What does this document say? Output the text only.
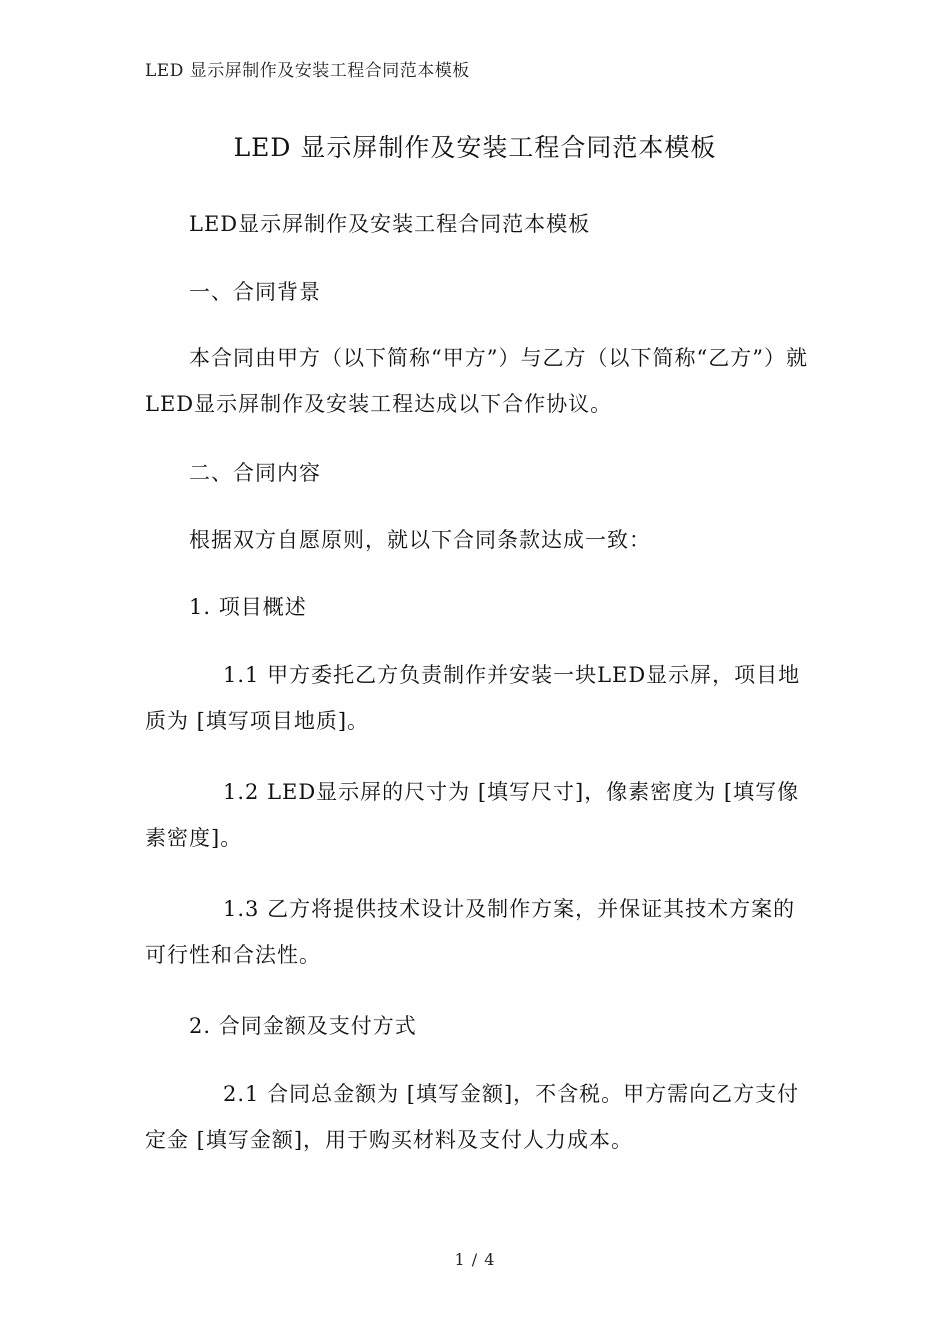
LED 显示屏制作及安装工程合同范本模板
LED 显示屏制作及安装工程合同范本模板

LED显示屏制作及安装工程合同范本模板

一、合同背景

本合同由甲方（以下简称“甲方”）与乙方（以下简称“乙方”）就LED显示屏制作及安装工程达成以下合作协议。

二、合同内容

根据双方自愿原则，就以下合同条款达成一致：

1. 项目概述

1.1 甲方委托乙方负责制作并安装一块LED显示屏，项目地质为 [填写项目地质]。

1.2 LED显示屏的尺寸为 [填写尺寸]，像素密度为 [填写像素密度]。

1.3 乙方将提供技术设计及制作方案，并保证其技术方案的可行性和合法性。

2. 合同金额及支付方式

2.1 合同总金额为 [填写金额]，不含税。甲方需向乙方支付定金 [填写金额]，用于购买材料及支付人力成本。

1 / 4
